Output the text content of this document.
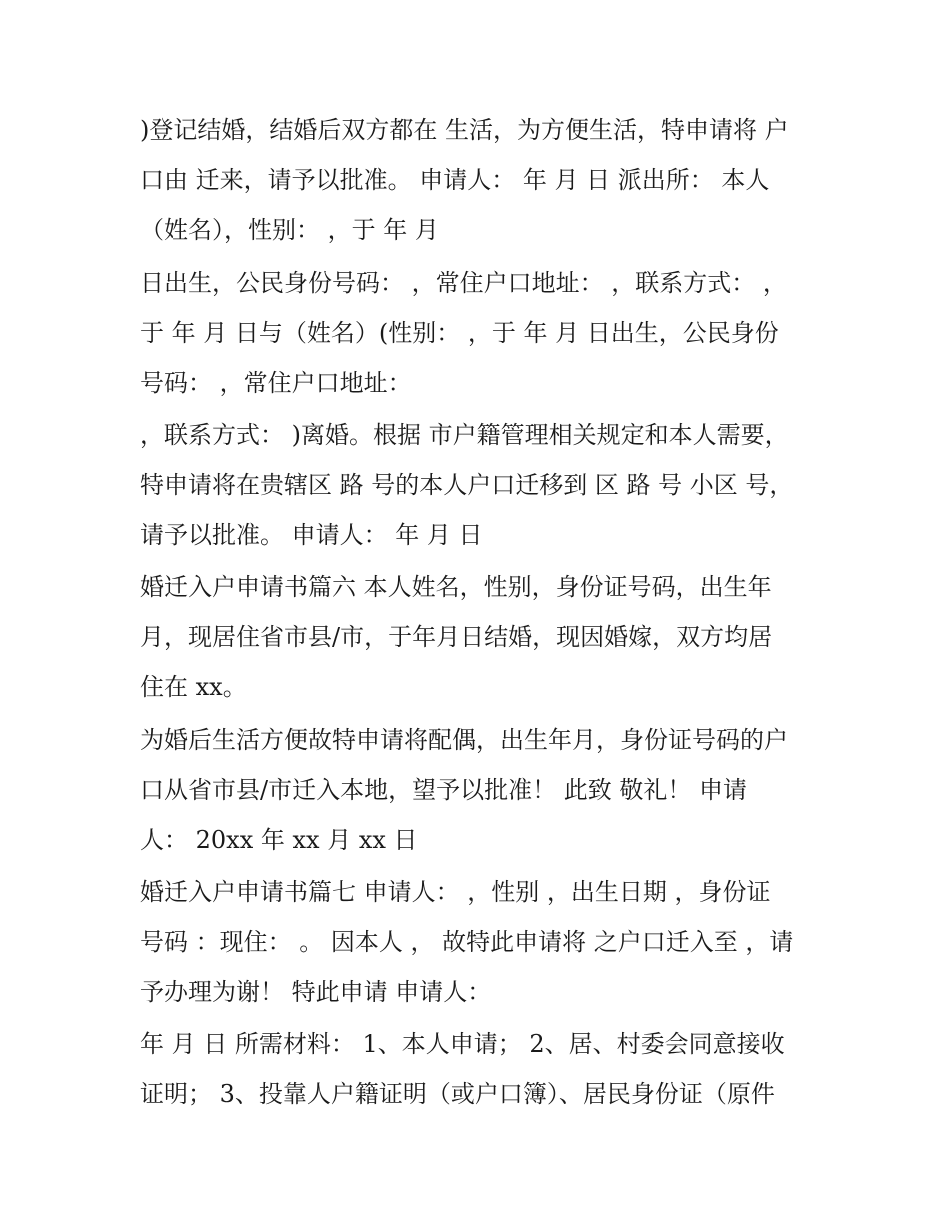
)登记结婚，结婚后双方都在 生活，为方便生活，特申请将 户
口由 迁来，请予以批准。 申请人： 年 月 日 派出所： 本人
（姓名），性别： ，于 年 月
日出生，公民身份号码： ，常住户口地址： ，联系方式： ，
于 年 月 日与（姓名）(性别： ，于 年 月 日出生，公民身份
号码： ，常住户口地址：
，联系方式： )离婚。根据 市户籍管理相关规定和本人需要，
特申请将在贵辖区 路 号的本人户口迁移到 区 路 号 小区 号，
请予以批准。 申请人： 年 月 日
婚迁入户申请书篇六 本人姓名，性别，身份证号码，出生年
月，现居住省市县/市，于年月日结婚，现因婚嫁，双方均居
住在 xx。
为婚后生活方便故特申请将配偶，出生年月，身份证号码的户
口从省市县/市迁入本地，望予以批准！ 此致 敬礼！ 申请
人： 20xx 年 xx 月 xx 日
婚迁入户申请书篇七 申请人： ，性别 ，出生日期 ，身份证
号码 ：现住： 。 因本人 ， 故特此申请将 之户口迁入至 ，请
予办理为谢！ 特此申请 申请人：
年 月 日 所需材料： 1、本人申请； 2、居、村委会同意接收
证明； 3、投靠人户籍证明（或户口簿）、居民身份证（原件
